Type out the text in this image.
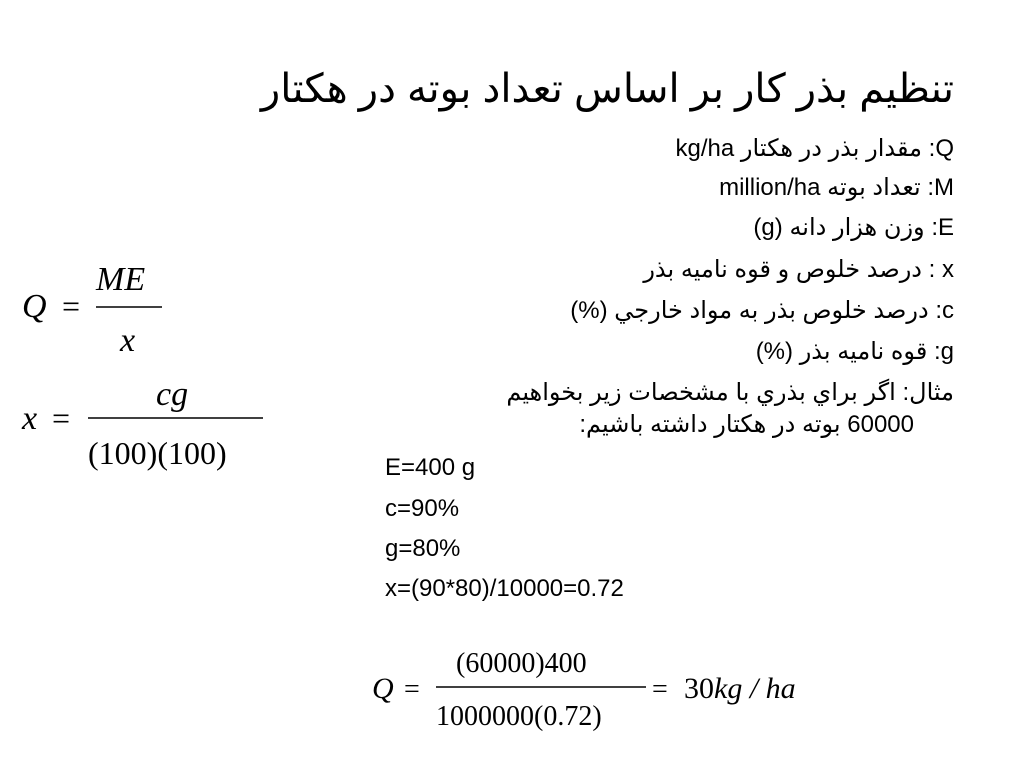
تنظيم بذر کار بر اساس تعداد بوته در هکتار
Q: مقدار بذر در هکتار kg/ha
M: تعداد بوته million/ha
E: وزن هزار دانه (g)
x : درصد خلوص و قوه ناميه بذر
c: درصد خلوص بذر به مواد خارجي (%)
g: قوه ناميه بذر (%)
مثال: اگر براي بذري با مشخصات زير بخواهيم
60000 بوته در هکتار داشته باشيم:
E=400 g
c=90%
g=80%
x=(90*80)/10000=0.72
Q =
ME
x
x =
cg
(100)(100)
Q =
(60000)400
1000000(0.72)
= 30 kg / ha
